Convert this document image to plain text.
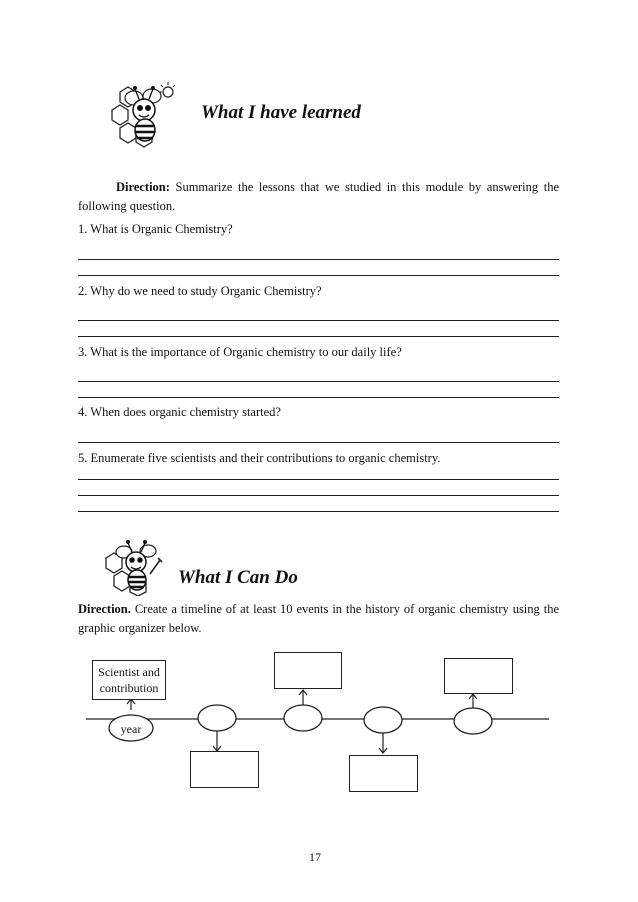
What I have learned
Direction: Summarize the lessons that we studied in this module by answering the following question.
1. What is Organic Chemistry?
2. Why do we need to study Organic Chemistry?
3. What is the importance of Organic chemistry to our daily life?
4. When does organic chemistry started?
5. Enumerate five scientists and their contributions to organic chemistry.
What I Can Do
Direction. Create a timeline of at least 10 events in the history of organic chemistry using the graphic organizer below.
Scientist and contribution
year
17
